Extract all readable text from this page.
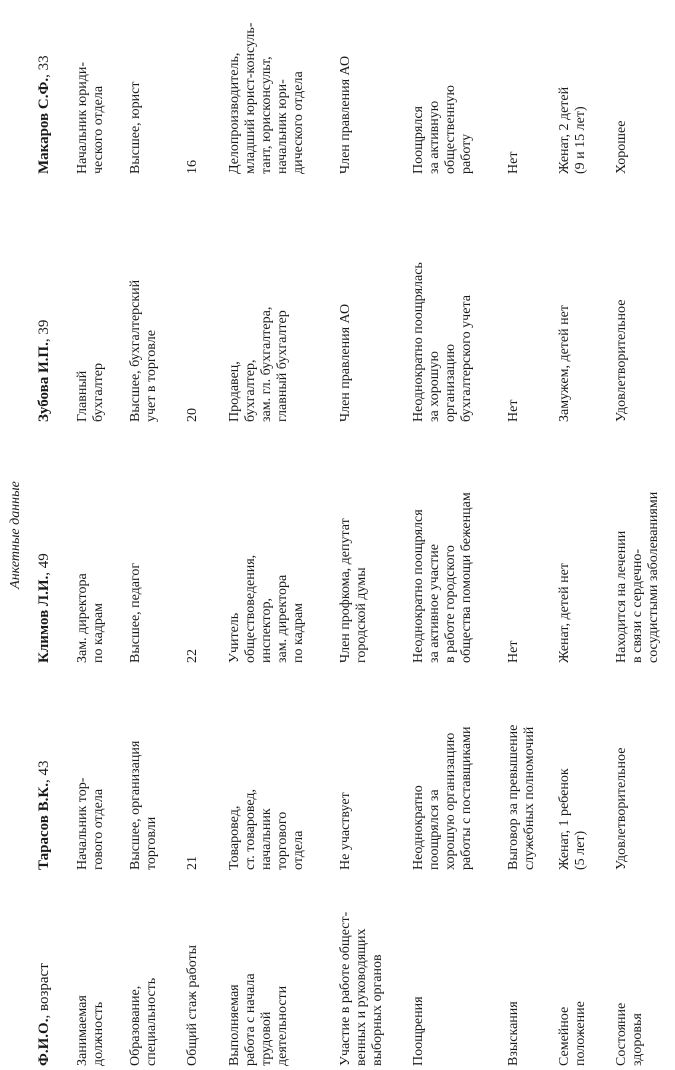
Анкетные данные
Ф.И.О., возраст
Тарасов В.К., 43
Климов Л.И., 49
Зубова И.П., 39
Макаров С.Ф., 33
Занимаемая
должность
Начальник тор-
гового отдела
Зам. директора
по кадрам
Главный
бухгалтер
Начальник юриди-
ческого отдела
Образование,
специальность
Высшее, организация
торговли
Высшее, педагог
Высшее, бухгалтерский
учет в торговле
Высшее, юрист
Общий стаж работы
21
22
20
16
Выполняемая
работа с начала
трудовой
деятельности
Товаровед,
ст. товаровед,
начальник
торгового
отдела
Учитель
обществоведения,
инспектор,
зам. директора
по кадрам
Продавец,
бухгалтер,
зам. гл. бухгалтера,
главный бухгалтер
Делопроизводитель,
младший юрист-консуль-
тант, юрисконсульт,
начальник юри-
дического отдела
Участие в работе общест-
венных и руководящих
выборных органов
Не участвует
Член профкома, депутат
городской думы
Член правления АО
Член правления АО
Поощрения
Неоднократно
поощрялся за
хорошую организацию
работы с поставщиками
Неоднократно поощрялся
за активное участие
в работе городского
общества помощи беженцам
Неоднократно поощрялась
за хорошую
организацию
бухгалтерского учета
Поощрялся
за активную
общественную
работу
Взыскания
Выговор за превышение
служебных полномочий
Нет
Нет
Нет
Семейное
положение
Женат, 1 ребенок
(5 лет)
Женат, детей нет
Замужем, детей нет
Женат, 2 детей
(9 и 15 лет)
Состояние
здоровья
Удовлетворительное
Находится на лечении
в связи с сердечно-
сосудистыми заболеваниями
Удовлетворительное
Хорошее
